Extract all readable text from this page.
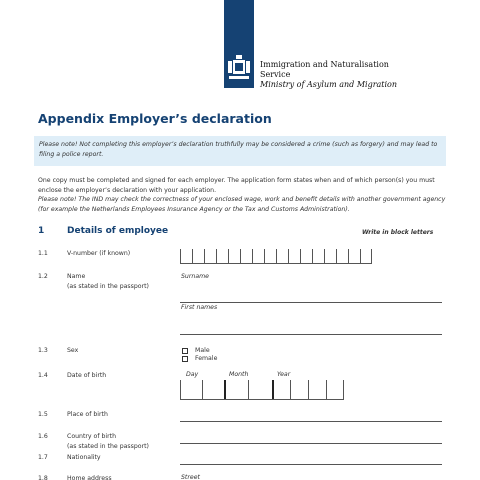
Immigration and Naturalisation
Service
Ministry of Asylum and Migration
Appendix Employer’s declaration
Please note! Not completing this employer’s declaration truthfully may be considered a crime (such as forgery) and may lead to filing a police report.
One copy must be completed and signed for each employer. The application form states when and of which person(s) you must enclose the employer’s declaration with your application.
Please note! The IND may check the correctness of your enclosed wage, work and benefit details with another government agency (for example the Netherlands Employees Insurance Agency or the Tax and Customs Administration).
1	Details of employee	Write in block letters
1.1	V-number (if known)
1.2	Name
(as stated in the passport)
Surname
First names
1.3	Sex	Male
Female
1.4	Date of birth	Day	Month	Year
1.5	Place of birth
1.6	Country of birth
(as stated in the passport)
1.7	Nationality
1.8	Home address	Street
